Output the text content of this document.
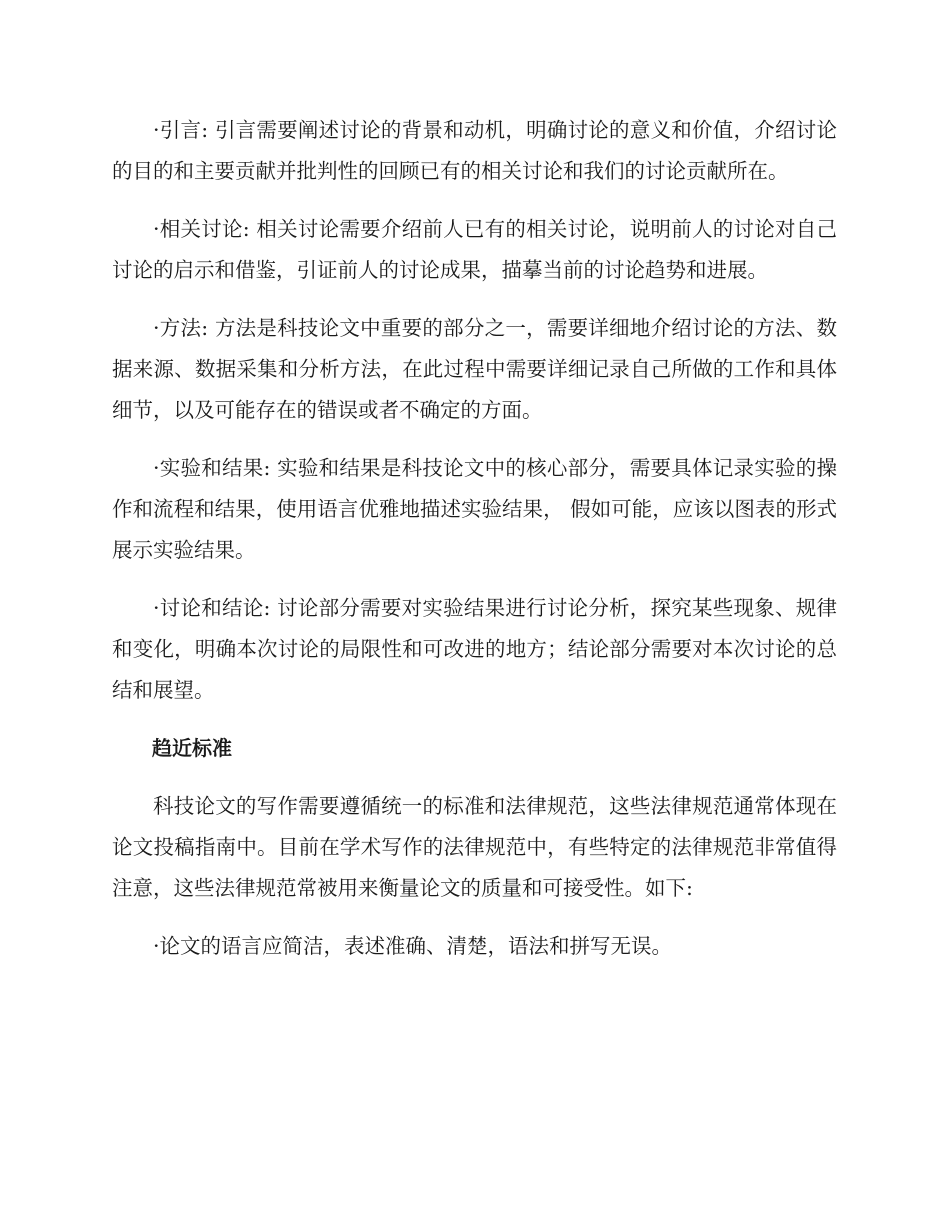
·引言: 引言需要阐述讨论的背景和动机，明确讨论的意义和价值，介绍讨论的目的和主要贡献并批判性的回顾已有的相关讨论和我们的讨论贡献所在。

·相关讨论: 相关讨论需要介绍前人已有的相关讨论，说明前人的讨论对自己讨论的启示和借鉴，引证前人的讨论成果，描摹当前的讨论趋势和进展。

·方法: 方法是科技论文中重要的部分之一，需要详细地介绍讨论的方法、数据来源、数据采集和分析方法，在此过程中需要详细记录自己所做的工作和具体细节，以及可能存在的错误或者不确定的方面。

·实验和结果: 实验和结果是科技论文中的核心部分，需要具体记录实验的操作和流程和结果，使用语言优雅地描述实验结果， 假如可能，应该以图表的形式展示实验结果。

·讨论和结论: 讨论部分需要对实验结果进行讨论分析，探究某些现象、规律和变化，明确本次讨论的局限性和可改进的地方；结论部分需要对本次讨论的总结和展望。

趋近标准

科技论文的写作需要遵循统一的标准和法律规范，这些法律规范通常体现在论文投稿指南中。目前在学术写作的法律规范中，有些特定的法律规范非常值得注意，这些法律规范常被用来衡量论文的质量和可接受性。如下:

·论文的语言应简洁，表述准确、清楚，语法和拼写无误。
